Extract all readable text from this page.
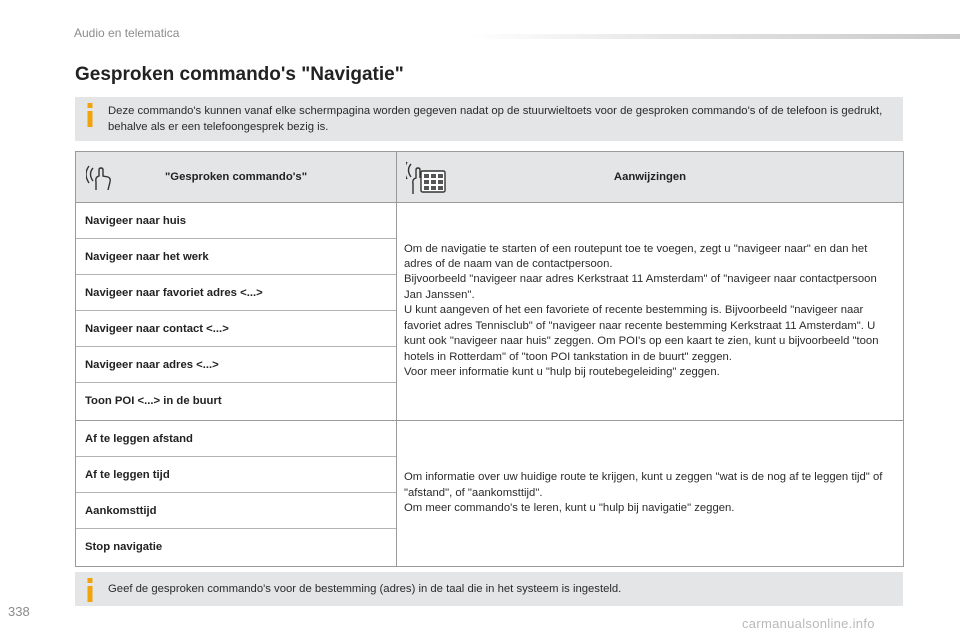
Audio en telematica
Gesproken commando's "Navigatie"
Deze commando's kunnen vanaf elke schermpagina worden gegeven nadat op de stuurwieltoets voor de gesproken commando's of de telefoon is gedrukt, behalve als er een telefoongesprek bezig is.
"Gesproken commando's"	Aanwijzingen
Navigeer naar huis
Navigeer naar het werk
Navigeer naar favoriet adres <...>
Navigeer naar contact <...>
Navigeer naar adres <...>
Toon POI <...> in de buurt

Om de navigatie te starten of een routepunt toe te voegen, zegt u "navigeer naar" en dan het adres of de naam van de contactpersoon.

Bijvoorbeeld "navigeer naar adres Kerkstraat 11 Amsterdam" of "navigeer naar contactpersoon Jan Janssen".

U kunt aangeven of het een favoriete of recente bestemming is. Bijvoorbeeld "navigeer naar favoriet adres Tennisclub" of "navigeer naar recente bestemming Kerkstraat 11 Amsterdam". U kunt ook "navigeer naar huis" zeggen. Om POI's op een kaart te zien, kunt u bijvoorbeeld "toon hotels in Rotterdam" of "toon POI tankstation in de buurt" zeggen.

Voor meer informatie kunt u "hulp bij routebegeleiding" zeggen.

Af te leggen afstand
Af te leggen tijd
Aankomsttijd
Stop navigatie

Om informatie over uw huidige route te krijgen, kunt u zeggen "wat is de nog af te leggen tijd" of "afstand", of "aankomsttijd".

Om meer commando's te leren, kunt u "hulp bij navigatie" zeggen.

Geef de gesproken commando's voor de bestemming (adres) in de taal die in het systeem is ingesteld.
338
carmanualsonline.info
